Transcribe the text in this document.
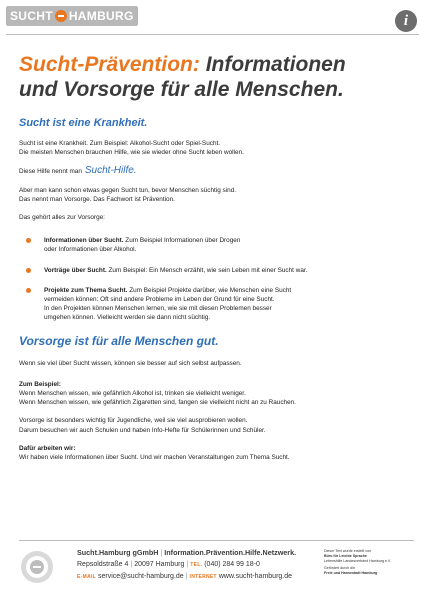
SUCHT HAMBURG	i
Sucht-Prävention: Informationen
und Vorsorge für alle Menschen.
Sucht ist eine Krankheit.

Sucht ist eine Krankheit. Zum Beispiel: Alkohol-Sucht oder Spiel-Sucht.
Die meisten Menschen brauchen Hilfe, wie sie wieder ohne Sucht leben wollen.

Diese Hilfe nennt man Sucht-Hilfe.

Aber man kann schon etwas gegen Sucht tun, bevor Menschen süchtig sind.
Das nennt man Vorsorge. Das Fachwort ist Prävention.

Das gehört alles zur Vorsorge:

Informationen über Sucht. Zum Beispiel Informationen über Drogen
oder Informationen über Alkohol.
Vorträge über Sucht. Zum Beispiel: Ein Mensch erzählt, wie sein Leben mit einer Sucht war.
Projekte zum Thema Sucht. Zum Beispiel Projekte darüber, wie Menschen eine Sucht
vermeiden können: Oft sind andere Probleme im Leben der Grund für eine Sucht.
In den Projekten können Menschen lernen, wie sie mit diesen Problemen besser
umgehen können. Vielleicht werden sie dann nicht süchtig.
Vorsorge ist für alle Menschen gut.

Wenn sie viel über Sucht wissen, können sie besser auf sich selbst aufpassen.

Zum Beispiel:
Wenn Menschen wissen, wie gefährlich Alkohol ist, trinken sie vielleicht weniger.
Wenn Menschen wissen, wie gefährlich Zigaretten sind, fangen sie vielleicht nicht an zu Rauchen.

Vorsorge ist besonders wichtig für Jugendliche, weil sie viel ausprobieren wollen.
Darum besuchen wir auch Schulen und haben Info-Hefte für Schülerinnen und Schüler.

Dafür arbeiten wir:
Wir haben viele Informationen über Sucht. Und wir machen Veranstaltungen zum Thema Sucht.

Sucht.Hamburg gGmbH | Information.Prävention.Hilfe.Netzwerk.
Repsoldstraße 4 | 20097 Hamburg | TEL. (040) 284 99 18-0
E-MAIL service@sucht-hamburg.de | INTERNET www.sucht-hamburg.de
Dieser Text wurde erstellt von
Büro für Leichte Sprache
Lebenshilfe Landesverband Hamburg e.V.
Gefördert durch die
Freie und Hansestadt Hamburg
